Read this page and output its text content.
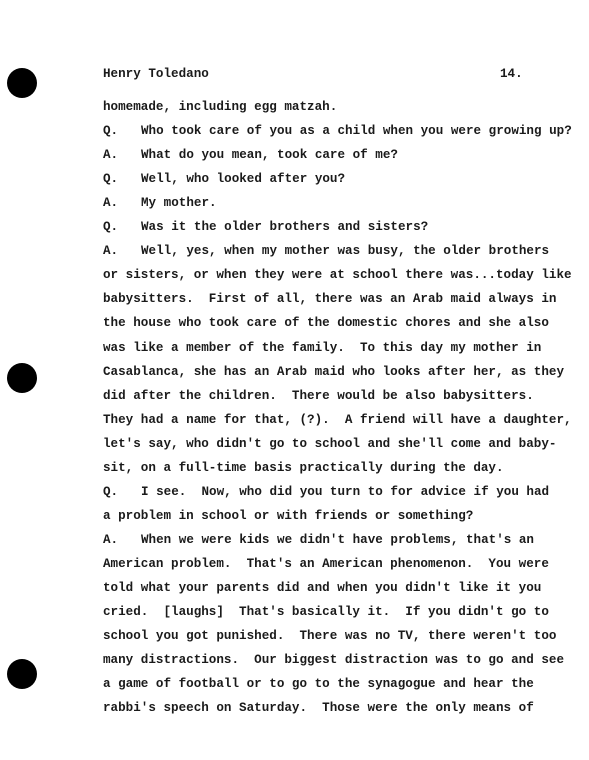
Henry Toledano	14.
homemade, including egg matzah.
Q.	Who took care of you as a child when you were growing up?
A.	What do you mean, took care of me?
Q.	Well, who looked after you?
A.	My mother.
Q.	Was it the older brothers and sisters?
A.	Well, yes, when my mother was busy, the older brothers
or sisters, or when they were at school there was...today like
babysitters.  First of all, there was an Arab maid always in
the house who took care of the domestic chores and she also
was like a member of the family.  To this day my mother in
Casablanca, she has an Arab maid who looks after her, as they
did after the children.  There would be also babysitters.
They had a name for that, (?).  A friend will have a daughter,
let's say, who didn't go to school and she'll come and baby-
sit, on a full-time basis practically during the day.
Q.	I see.  Now, who did you turn to for advice if you had
a problem in school or with friends or something?
A.	When we were kids we didn't have problems, that's an
American problem.  That's an American phenomenon.  You were
told what your parents did and when you didn't like it you
cried.  [laughs]  That's basically it.  If you didn't go to
school you got punished.  There was no TV, there weren't too
many distractions.  Our biggest distraction was to go and see
a game of football or to go to the synagogue and hear the
rabbi's speech on Saturday.  Those were the only means of
